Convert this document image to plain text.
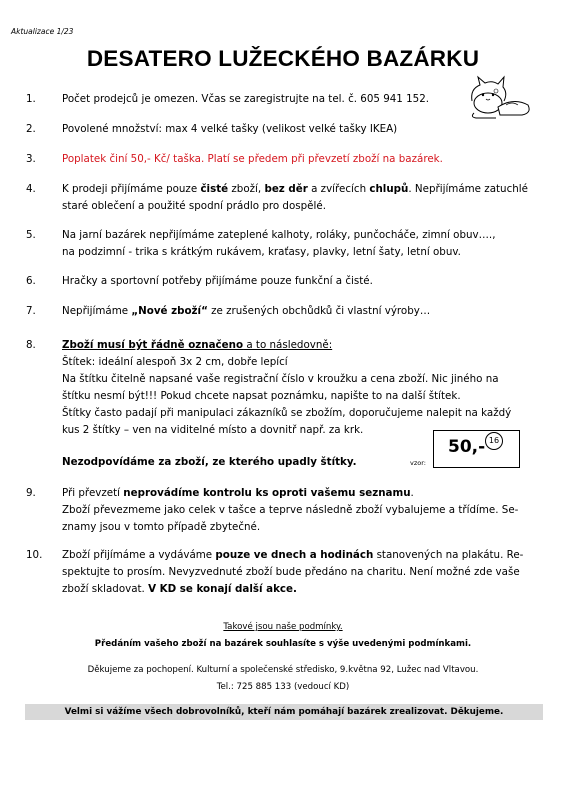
Aktualizace 1/23
DESATERO LUŽECKÉHO BAZÁRKU
1.	Počet prodejců je omezen. Včas se zaregistrujte na tel. č. 605 941 152.
2.	Povolené množství: max 4 velké tašky (velikost velké tašky IKEA)
3.	Poplatek činí 50,- Kč/ taška. Platí se předem při převzetí zboží na bazárek.
4.	K prodeji přijímáme pouze čisté zboží, bez děr a zvířecích chlupů. Nepřijímáme zatuchlé
staré oblečení a použité spodní prádlo pro dospělé.
5.	Na jarní bazárek nepřijímáme zateplené kalhoty, roláky, punčocháče, zimní obuv….,
na podzimní - trika s krátkým rukávem, kraťasy, plavky, letní šaty, letní obuv.
6.	Hračky a sportovní potřeby přijímáme pouze funkční a čisté.
7.	Nepřijímáme „Nové zboží“ ze zrušených obchůdků či vlastní výroby…
8.	Zboží musí být řádně označeno a to následovně:
Štítek: ideální alespoň 3x 2 cm, dobře lepící
Na štítku čitelně napsané vaše registrační číslo v kroužku a cena zboží. Nic jiného na
štítku nesmí být!!! Pokud chcete napsat poznámku, napište to na další štítek.
Štítky často padají při manipulaci zákazníků se zbožím, doporučujeme nalepit na každý
kus 2 štítky – ven na viditelné místo a dovnitř např. za krk.
Nezodpovídáme za zboží, ze kterého upadly štítky.	vzor:
50,- 16
9.	Při převzetí neprovádíme kontrolu ks oproti vašemu seznamu.
Zboží převezmeme jako celek v tašce a teprve následně zboží vybalujeme a třídíme. Se-
znamy jsou v tomto případě zbytečné.
10. Zboží přijímáme a vydáváme pouze ve dnech a hodinách stanovených na plakátu. Re-
spektujte to prosím. Nevyzvednuté zboží bude předáno na charitu. Není možné zde vaše
zboží skladovat. V KD se konají další akce.
Takové jsou naše podmínky.
Předáním vašeho zboží na bazárek souhlasíte s výše uvedenými podmínkami.
Děkujeme za pochopení. Kulturní a společenské středisko, 9.května 92, Lužec nad Vltavou.
Tel.: 725 885 133 (vedoucí KD)
Velmi si vážíme všech dobrovolníků, kteří nám pomáhají bazárek zrealizovat. Děkujeme.
